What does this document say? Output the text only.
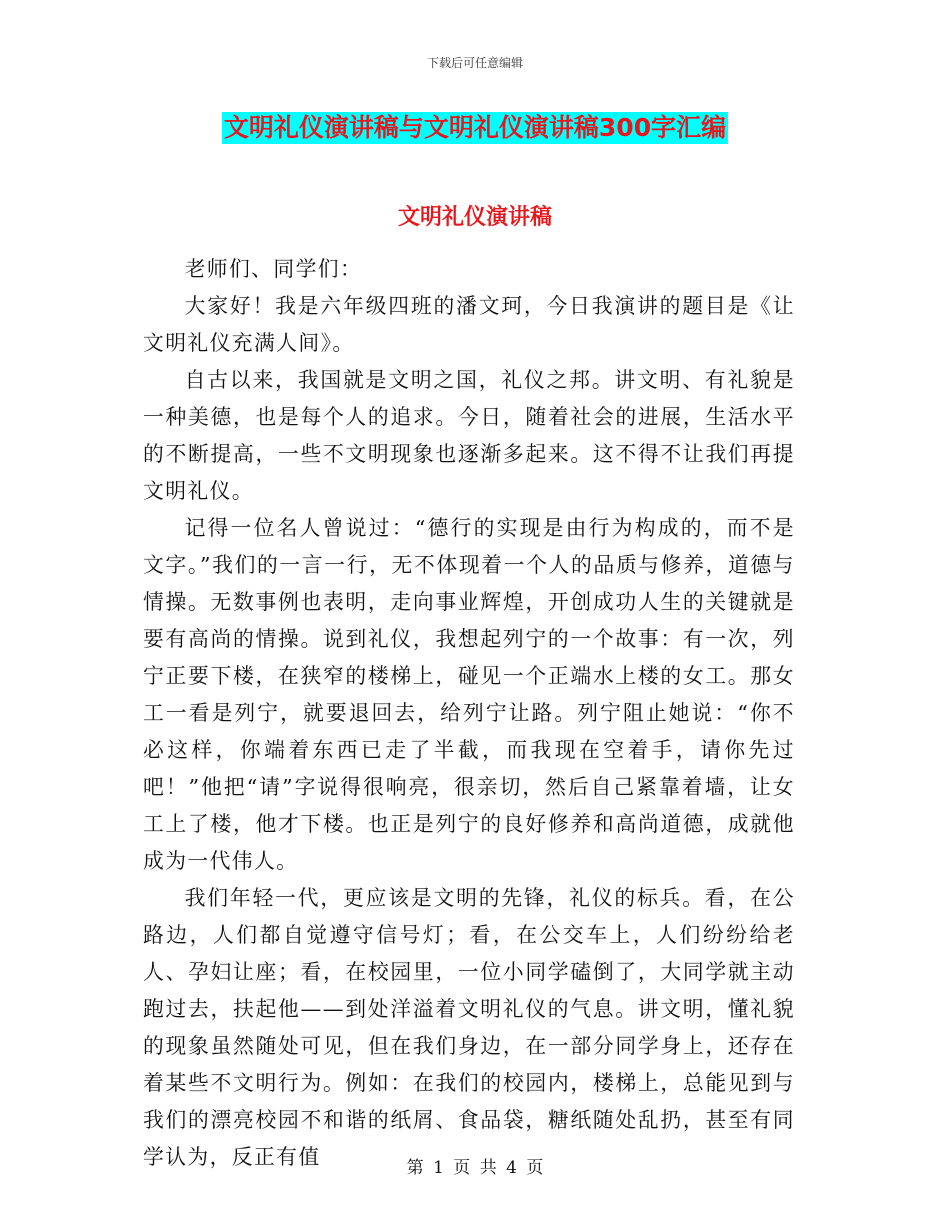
下载后可任意编辑
文明礼仪演讲稿与文明礼仪演讲稿300字汇编
文明礼仪演讲稿

老师们、同学们：

大家好！我是六年级四班的潘文珂，今日我演讲的题目是《让文明礼仪充满人间》。

自古以来，我国就是文明之国，礼仪之邦。讲文明、有礼貌是一种美德，也是每个人的追求。今日，随着社会的进展，生活水平的不断提高，一些不文明现象也逐渐多起来。这不得不让我们再提文明礼仪。

记得一位名人曾说过：“德行的实现是由行为构成的，而不是文字。”我们的一言一行，无不体现着一个人的品质与修养，道德与情操。无数事例也表明，走向事业辉煌，开创成功人生的关键就是要有高尚的情操。说到礼仪，我想起列宁的一个故事：有一次，列宁正要下楼，在狭窄的楼梯上，碰见一个正端水上楼的女工。那女工一看是列宁，就要退回去，给列宁让路。列宁阻止她说：“你不必这样，你端着东西已走了半截，而我现在空着手，请你先过吧！”他把“请”字说得很响亮，很亲切，然后自己紧靠着墙，让女工上了楼，他才下楼。也正是列宁的良好修养和高尚道德，成就他成为一代伟人。

我们年轻一代，更应该是文明的先锋，礼仪的标兵。看，在公路边，人们都自觉遵守信号灯；看，在公交车上，人们纷纷给老人、孕妇让座；看，在校园里，一位小同学磕倒了，大同学就主动跑过去，扶起他——到处洋溢着文明礼仪的气息。讲文明，懂礼貌的现象虽然随处可见，但在我们身边，在一部分同学身上，还存在着某些不文明行为。例如：在我们的校园内，楼梯上，总能见到与我们的漂亮校园不和谐的纸屑、食品袋，糖纸随处乱扔，甚至有同学认为，反正有值	第 1 页 共 4 页
